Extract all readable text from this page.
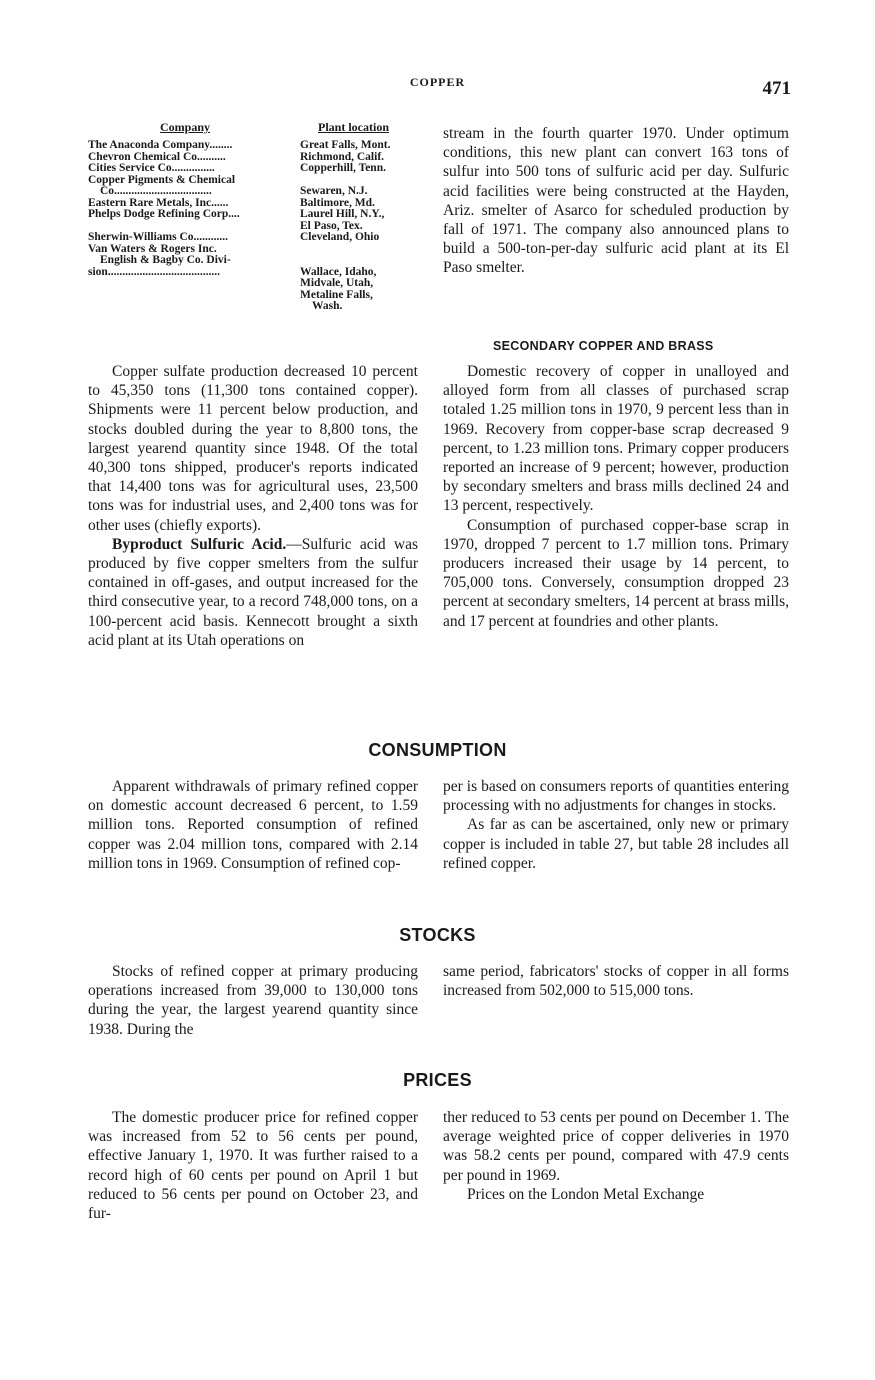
COPPER	471
Company	Plant location
The Anaconda Company........	Great Falls, Mont.
Chevron Chemical Co..........	Richmond, Calif.
Cities Service Co...............	Copperhill, Tenn.
Copper Pigments & Chemical
Co..................................	Sewaren, N.J.
Eastern Rare Metals, Inc......	Baltimore, Md.
Phelps Dodge Refining Corp....	Laurel Hill, N.Y.,
El Paso, Tex.
Sherwin-Williams Co............	Cleveland, Ohio
Van Waters & Rogers Inc.
English & Bagby Co. Divi-
sion.......................................	Wallace, Idaho,
Midvale, Utah,
Metaline Falls,
Wash.

Copper sulfate production decreased 10 percent to 45,350 tons (11,300 tons contained copper). Shipments were 11 percent below production, and stocks doubled during the year to 8,800 tons, the largest yearend quantity since 1948. Of the total 40,300 tons shipped, producer's reports indicated that 14,400 tons was for agricultural uses, 23,500 tons was for industrial uses, and 2,400 tons was for other uses (chiefly exports).

Byproduct Sulfuric Acid.—Sulfuric acid was produced by five copper smelters from the sulfur contained in off-gases, and output increased for the third consecutive year, to a record 748,000 tons, on a 100-percent acid basis. Kennecott brought a sixth acid plant at its Utah operations on

stream in the fourth quarter 1970. Under optimum conditions, this new plant can convert 163 tons of sulfur into 500 tons of sulfuric acid per day. Sulfuric acid facilities were being constructed at the Hayden, Ariz. smelter of Asarco for scheduled production by fall of 1971. The company also announced plans to build a 500-ton-per-day sulfuric acid plant at its El Paso smelter.

SECONDARY COPPER AND BRASS

Domestic recovery of copper in unalloyed and alloyed form from all classes of purchased scrap totaled 1.25 million tons in 1970, 9 percent less than in 1969. Recovery from copper-base scrap decreased 9 percent, to 1.23 million tons. Primary copper producers reported an increase of 9 percent; however, production by secondary smelters and brass mills declined 24 and 13 percent, respectively.

Consumption of purchased copper-base scrap in 1970, dropped 7 percent to 1.7 million tons. Primary producers increased their usage by 14 percent, to 705,000 tons. Conversely, consumption dropped 23 percent at secondary smelters, 14 percent at brass mills, and 17 percent at foundries and other plants.

CONSUMPTION

Apparent withdrawals of primary refined copper on domestic account decreased 6 percent, to 1.59 million tons. Reported consumption of refined copper was 2.04 million tons, compared with 2.14 million tons in 1969. Consumption of refined cop-

per is based on consumers reports of quantities entering processing with no adjustments for changes in stocks.

As far as can be ascertained, only new or primary copper is included in table 27, but table 28 includes all refined copper.

STOCKS

Stocks of refined copper at primary producing operations increased from 39,000 to 130,000 tons during the year, the largest yearend quantity since 1938. During the

same period, fabricators' stocks of copper in all forms increased from 502,000 to 515,000 tons.

PRICES

The domestic producer price for refined copper was increased from 52 to 56 cents per pound, effective January 1, 1970. It was further raised to a record high of 60 cents per pound on April 1 but reduced to 56 cents per pound on October 23, and fur-

ther reduced to 53 cents per pound on December 1. The average weighted price of copper deliveries in 1970 was 58.2 cents per pound, compared with 47.9 cents per pound in 1969.

Prices on the London Metal Exchange
